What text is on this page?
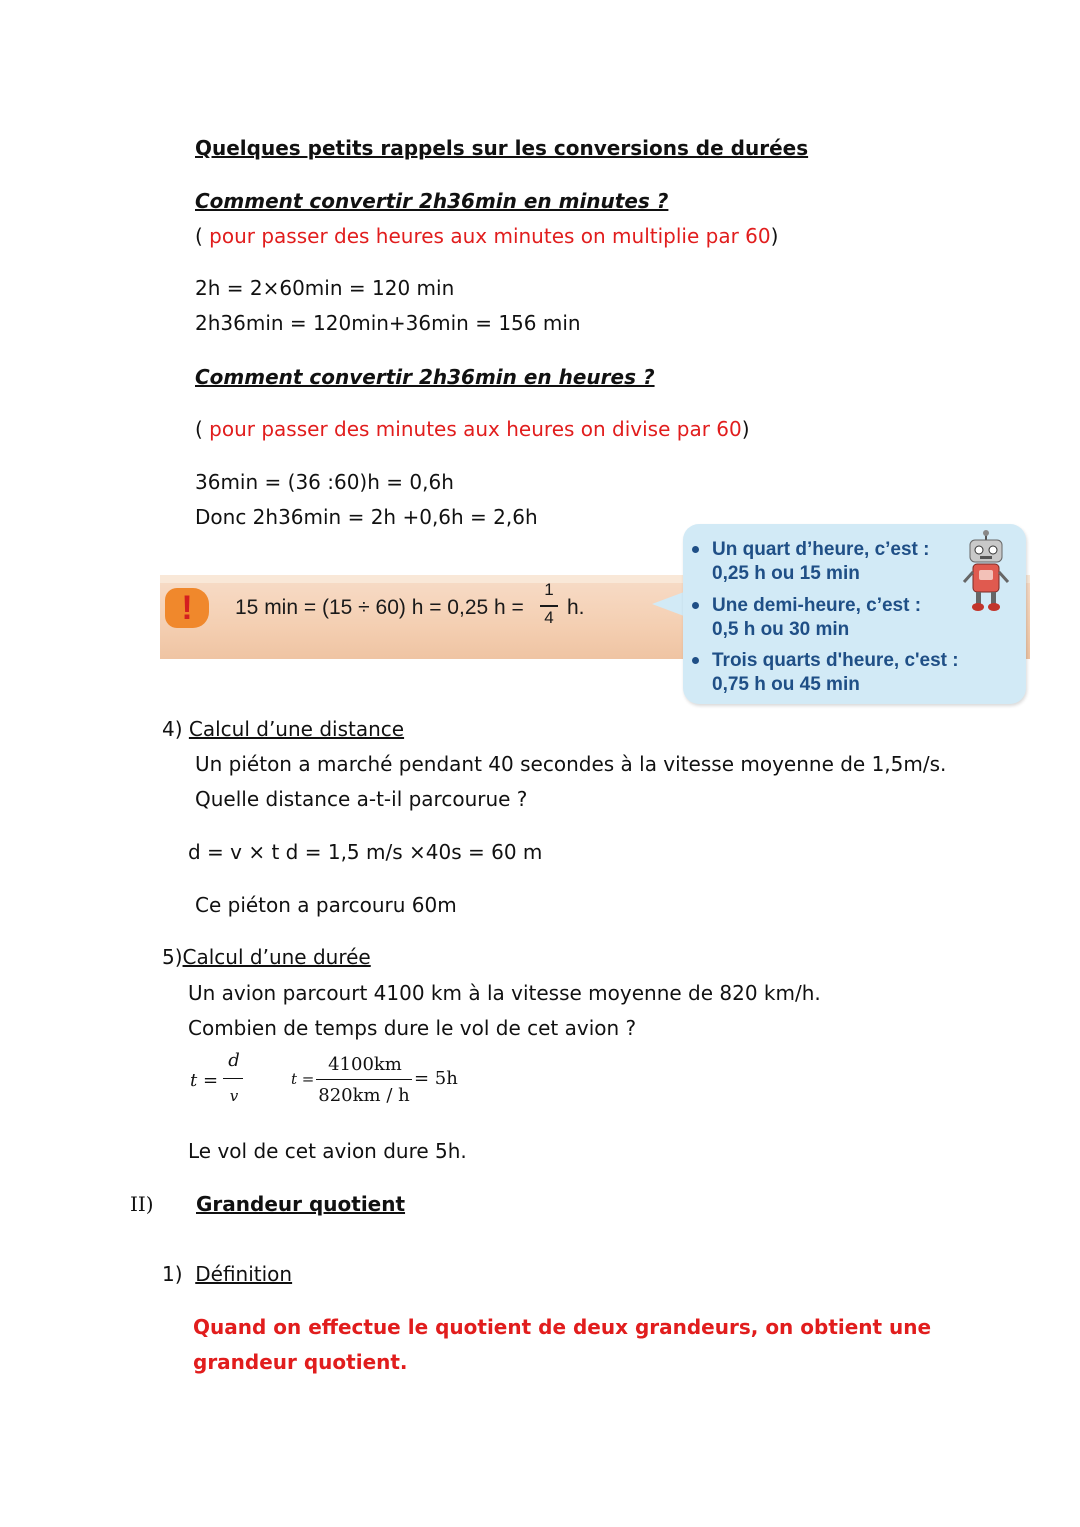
Quelques petits rappels sur les conversions de durées
Comment convertir 2h36min en minutes ?
( pour passer des heures aux minutes on multiplie par 60)
2h = 2×60min = 120 min
2h36min = 120min+36min = 156 min
Comment convertir 2h36min en heures ?
( pour passer des minutes aux heures on divise par 60)
36min = (36 :60)h = 0,6h
Donc 2h36min = 2h +0,6h = 2,6h
!	15 min = (15 ÷ 60) h = 0,25 h =
1
4 h.
Un quart d’heure, c’est :
0,25 h ou 15 min
Une demi-heure, c’est :
0,5 h ou 30 min
Trois quarts d'heure, c'est :
0,75 h ou 45 min
4) Calcul d’une distance
Un piéton a marché pendant 40 secondes à la vitesse moyenne de 1,5m/s.
Quelle distance a-t-il parcourue ?
d = v × t d = 1,5 m/s ×40s = 60 m
Ce piéton a parcouru 60m
5)Calcul d’une durée
Un avion parcourt 4100 km à la vitesse moyenne de 820 km/h.
Combien de temps dure le vol de cet avion ?
t =
d
v
t =
4100km
820km / h
= 5h
Le vol de cet avion dure 5h.
II) Grandeur quotient
1) Définition
Quand on effectue le quotient de deux grandeurs, on obtient une
grandeur quotient.
